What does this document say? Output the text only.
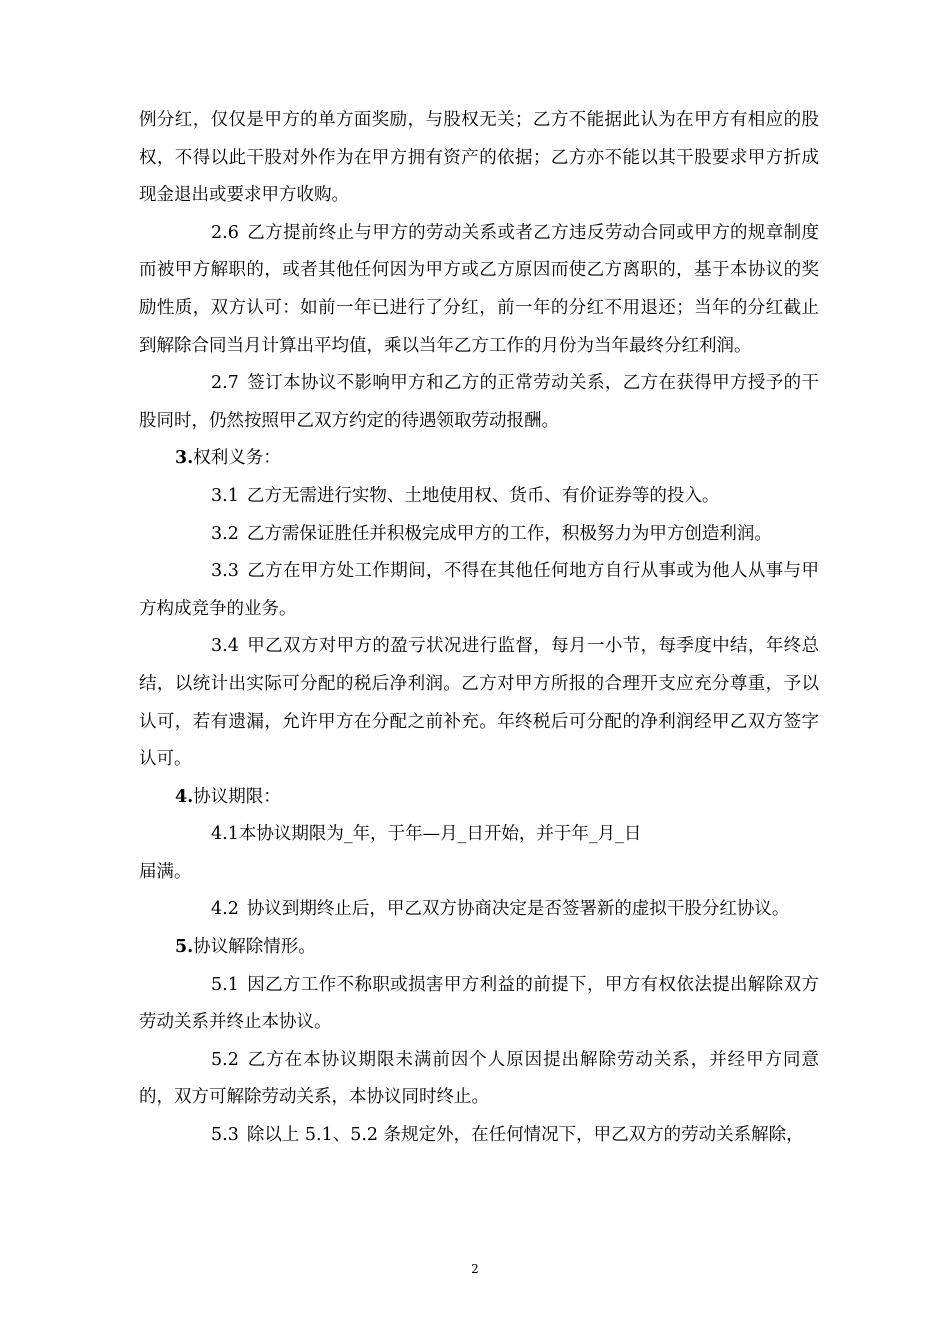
例分红，仅仅是甲方的单方面奖励，与股权无关；乙方不能据此认为在甲方有相应的股权，不得以此干股对外作为在甲方拥有资产的依据；乙方亦不能以其干股要求甲方折成现金退出或要求甲方收购。

2.6 乙方提前终止与甲方的劳动关系或者乙方违反劳动合同或甲方的规章制度而被甲方解职的，或者其他任何因为甲方或乙方原因而使乙方离职的，基于本协议的奖励性质，双方认可：如前一年已进行了分红，前一年的分红不用退还；当年的分红截止到解除合同当月计算出平均值，乘以当年乙方工作的月份为当年最终分红利润。

2.7 签订本协议不影响甲方和乙方的正常劳动关系，乙方在获得甲方授予的干股同时，仍然按照甲乙双方约定的待遇领取劳动报酬。

3.权利义务：

3.1 乙方无需进行实物、土地使用权、货币、有价证券等的投入。

3.2 乙方需保证胜任并积极完成甲方的工作，积极努力为甲方创造利润。

3.3 乙方在甲方处工作期间，不得在其他任何地方自行从事或为他人从事与甲方构成竞争的业务。

3.4 甲乙双方对甲方的盈亏状况进行监督，每月一小节，每季度中结，年终总结，以统计出实际可分配的税后净利润。乙方对甲方所报的合理开支应充分尊重，予以认可，若有遗漏，允许甲方在分配之前补充。年终税后可分配的净利润经甲乙双方签字认可。

4.协议期限：

4.1本协议期限为_年，于年—月_日开始，并于年_月_日

届满。

4.2 协议到期终止后，甲乙双方协商决定是否签署新的虚拟干股分红协议。

5.协议解除情形。

5.1 因乙方工作不称职或损害甲方利益的前提下，甲方有权依法提出解除双方劳动关系并终止本协议。

5.2 乙方在本协议期限未满前因个人原因提出解除劳动关系，并经甲方同意的，双方可解除劳动关系，本协议同时终止。

5.3 除以上 5.1、5.2 条规定外，在任何情况下，甲乙双方的劳动关系解除，

2
